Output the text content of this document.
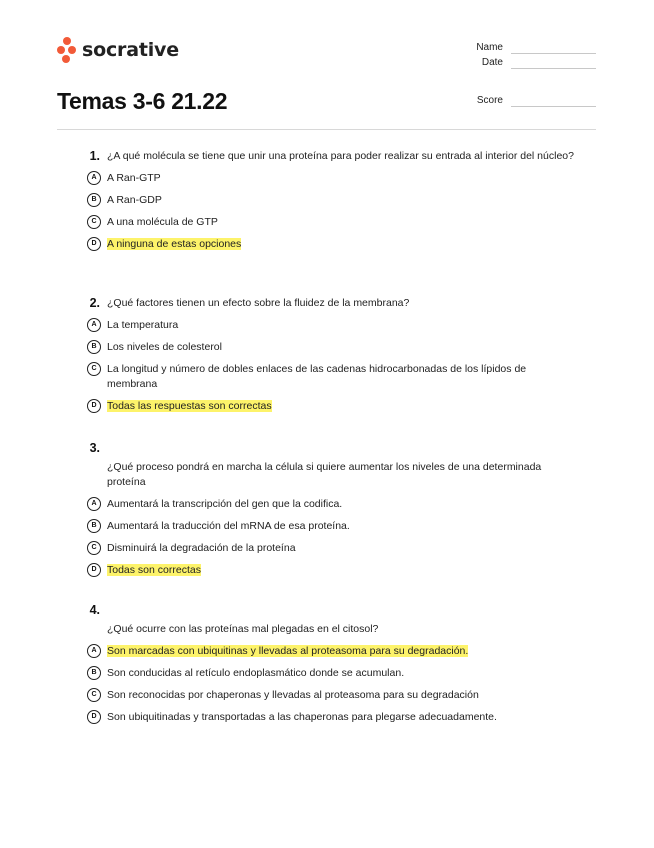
socrative	Name
Date
Score
Temas 3-6 21.22
1. ¿A qué molécula se tiene que unir una proteína para poder realizar su entrada al interior del núcleo?
A A Ran-GTP
B A Ran-GDP
C A una molécula de GTP
D A ninguna de estas opciones
2. ¿Qué factores tienen un efecto sobre la fluidez de la membrana?
A La temperatura
B Los niveles de colesterol
C La longitud y número de dobles enlaces de las cadenas hidrocarbonadas de los lípidos de membrana
D Todas las respuestas son correctas
3.
¿Qué proceso pondrá en marcha la célula si quiere aumentar los niveles de una determinada proteína
A Aumentará la transcripción del gen que la codifica.
B Aumentará la traducción del mRNA de esa proteína.
C Disminuirá la degradación de la proteína
D Todas son correctas
4.
¿Qué ocurre con las proteínas mal plegadas en el citosol?
A Son marcadas con ubiquitinas y llevadas al proteasoma para su degradación.
B Son conducidas al retículo endoplasmático donde se acumulan.
C Son reconocidas por chaperonas y llevadas al proteasoma para su degradación
D Son ubiquitinadas y transportadas a las chaperonas para plegarse adecuadamente.
